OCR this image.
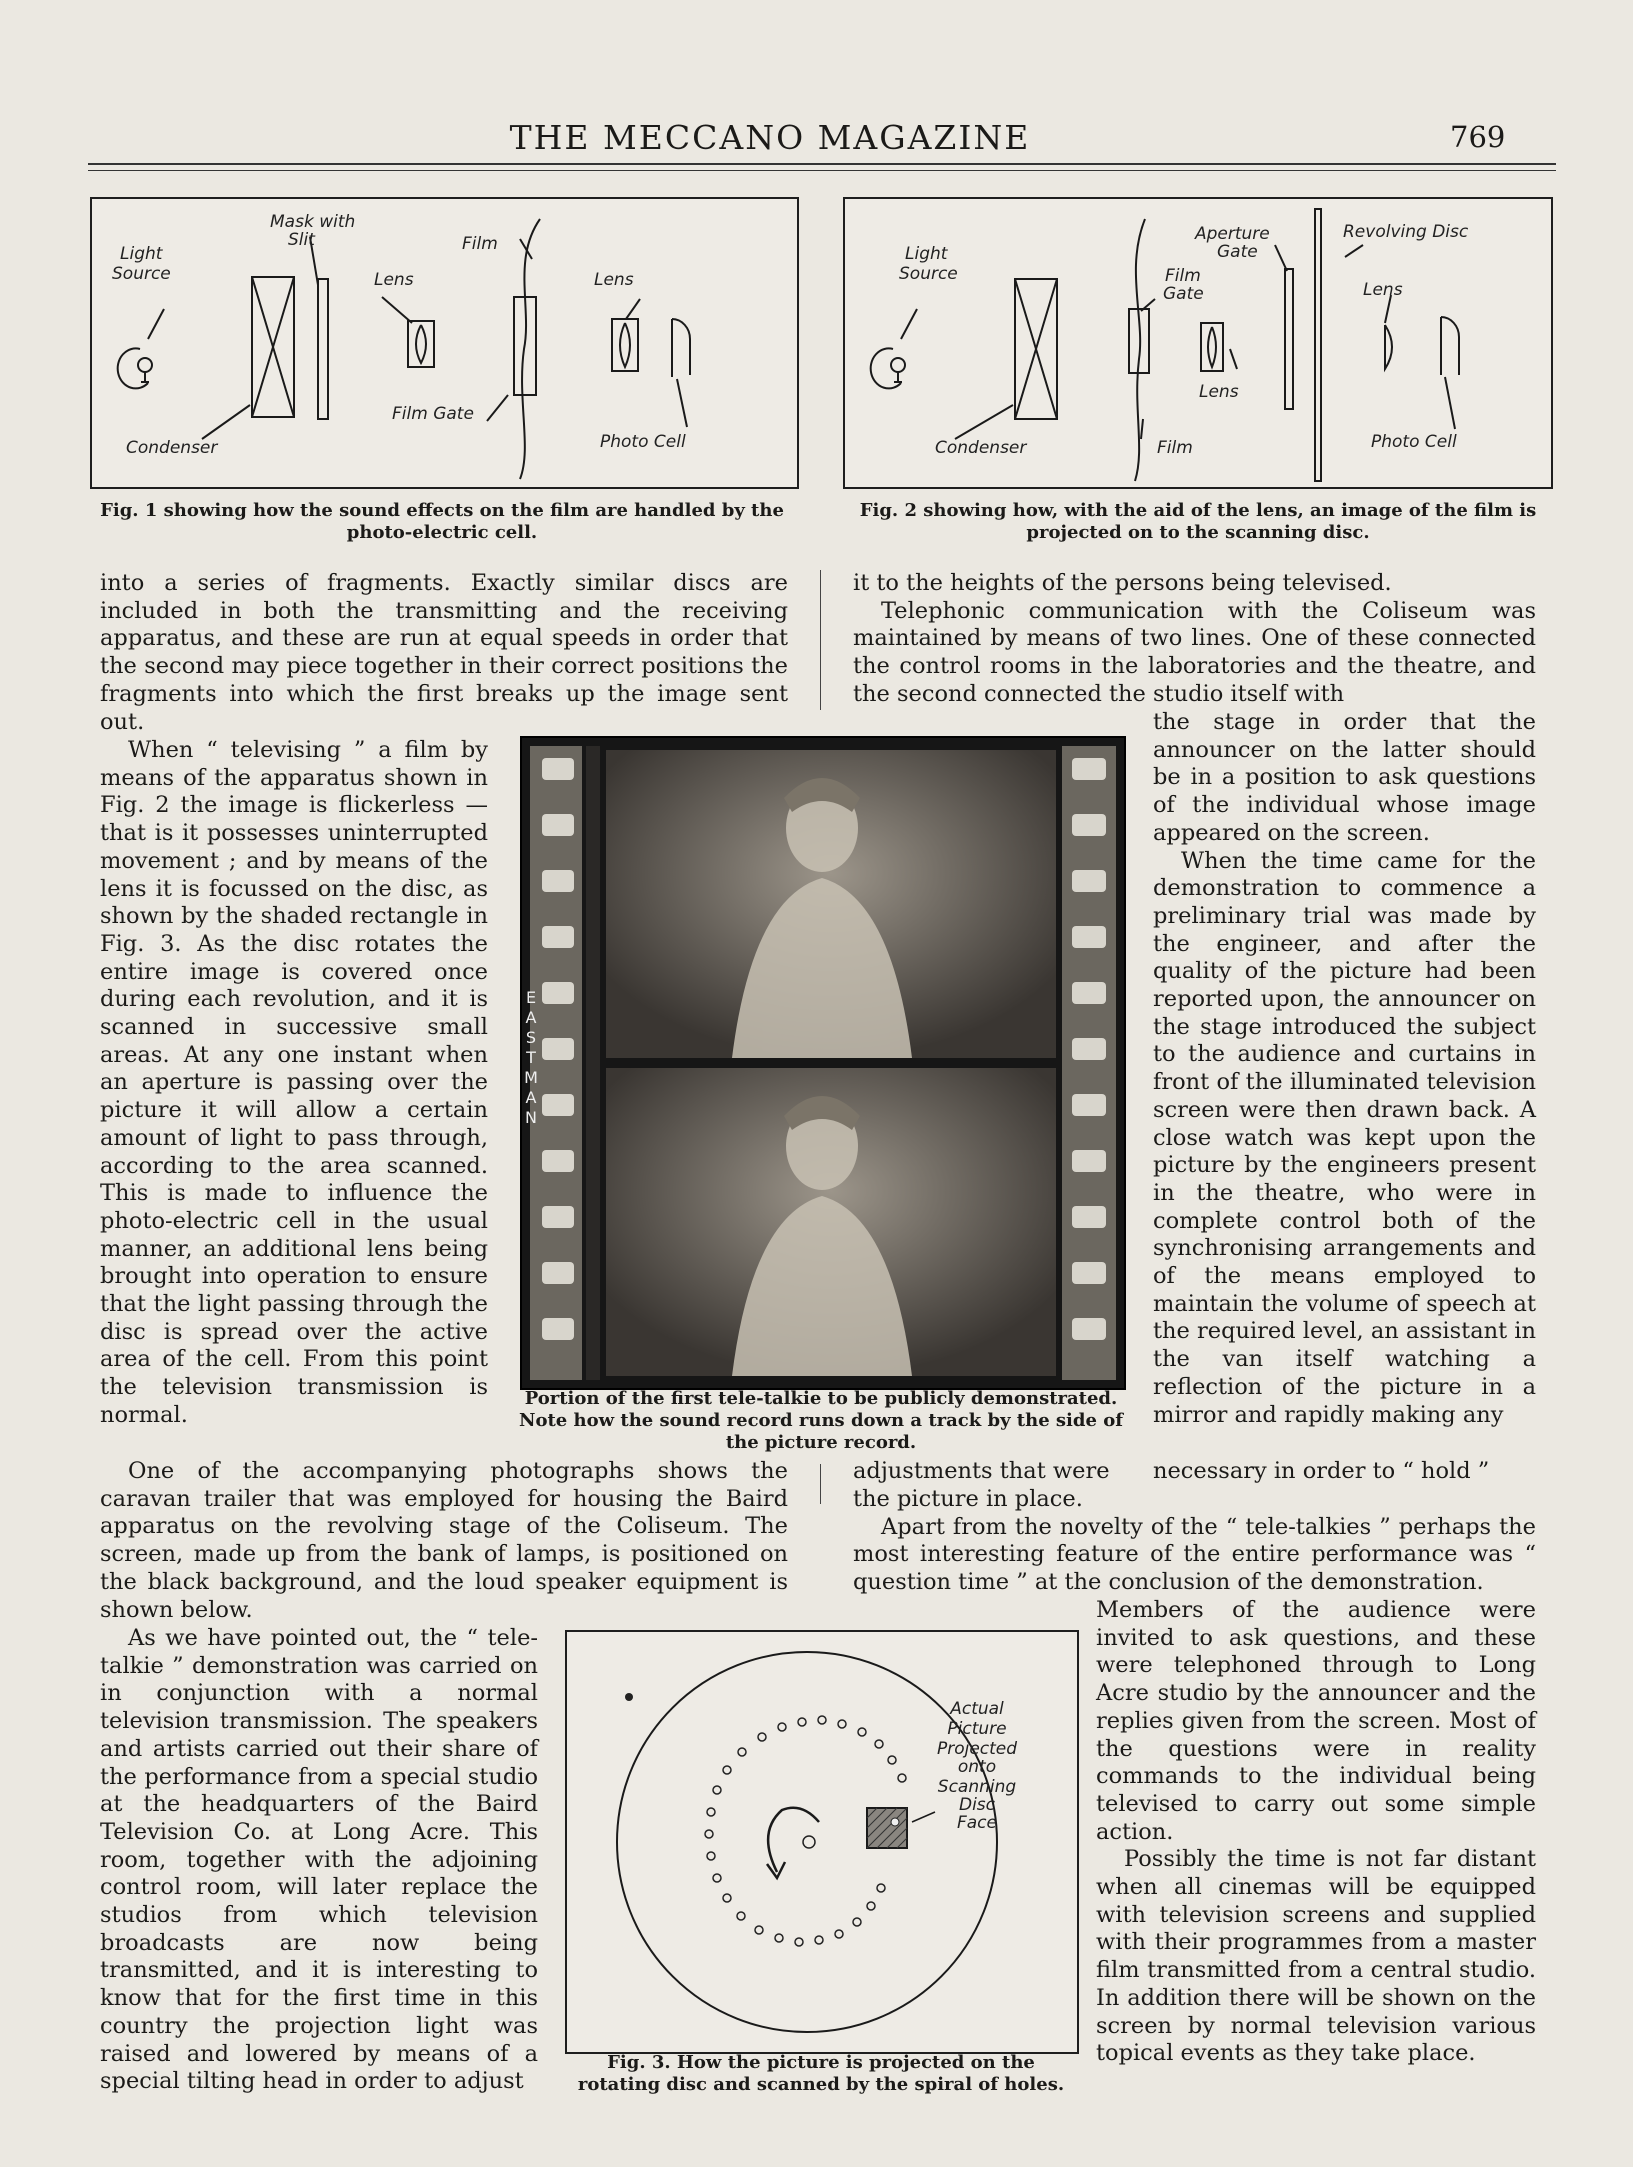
THE MECCANO MAGAZINE	769
Mask with
Slit	Film
Light
Source	Lens	Lens
Film Gate
Photo Cell
Condenser
Fig. 1 showing how the sound effects on the film are handled by the photo-electric cell.
Aperture
Gate
Revolving Disc
Light
Source	Film
Gate	Lens
Lens
Condenser	Film	Photo Cell
Fig. 2 showing how, with the aid of the lens, an image of the film is projected on to the scanning disc.

into a series of fragments. Exactly similar discs are included in both the transmitting and the receiving apparatus, and these are run at equal speeds in order that the second may piece together in their correct positions the fragments into which the first breaks up the image sent out.

When “ televising ” a film by means of the apparatus shown in Fig. 2 the image is flickerless —that is it possesses uninterrupted movement ; and by means of the lens it is focussed on the disc, as shown by the shaded rectangle in Fig. 3. As the disc rotates the entire image is covered once during each revolution, and it is scanned in successive small areas. At any one instant when an aperture is passing over the picture it will allow a certain amount of light to pass through, according to the area scanned. This is made to influence the photo-electric cell in the usual manner, an additional lens being brought into operation to ensure that the light passing through the disc is spread over the active area of the cell. From this point the television transmission is normal.

One of the accompanying photographs shows the caravan trailer that was employed for housing the Baird apparatus on the revolving stage of the Coliseum. The screen, made up from the bank of lamps, is positioned on the black background, and the loud speaker equipment is shown below.

As we have pointed out, the “ tele-talkie ” demonstration was carried on in conjunction with a normal television transmission. The speakers and artists carried out their share of the performance from a special studio at the headquarters of the Baird Television Co. at Long Acre. This room, together with the adjoining control room, will later replace the studios from which television broadcasts are now being transmitted, and it is interesting to know that for the first time in this country the projection light was raised and lowered by means of a special tilting head in order to adjust

it to the heights of the persons being televised.

Telephonic communication with the Coliseum was maintained by means of two lines. One of these connected the control rooms in the laboratories and the theatre, and the second connected the studio itself with

the stage in order that the announcer on the latter should be in a position to ask questions of the individual whose image appeared on the screen.

When the time came for the demonstration to commence a preliminary trial was made by the engineer, and after the quality of the picture had been reported upon, the announcer on the stage introduced the subject to the audience and curtains in front of the illuminated television screen were then drawn back. A close watch was kept upon the picture by the engineers present in the theatre, who were in complete control both of the synchronising arrangements and of the means employed to maintain the volume of speech at the required level, an assistant in the van itself watching a reflection of the picture in a mirror and rapidly making any

adjustments that were	necessary in order to “ hold ”

the picture in place.

Apart from the novelty of the “ tele-talkies ” perhaps the most interesting feature of the entire performance was “ question time ” at the conclusion of the demonstration.

Members of the audience were invited to ask questions, and these were telephoned through to Long Acre studio by the announcer and the replies given from the screen. Most of the questions were in reality commands to the individual being televised to carry out some simple action.

Possibly the time is not far distant when all cinemas will be equipped with television screens and supplied with their programmes from a master film transmitted from a central studio. In addition there will be shown on the screen by normal television various topical events as they take place.

EASTMAN
Portion of the first tele-talkie to be publicly demonstrated. Note how the sound record runs down a track by the side of the picture record.
Actual
Picture
Projected
onto
Scanning
Disc
Face
Fig. 3. How the picture is projected on the rotating disc and scanned by the spiral of holes.
